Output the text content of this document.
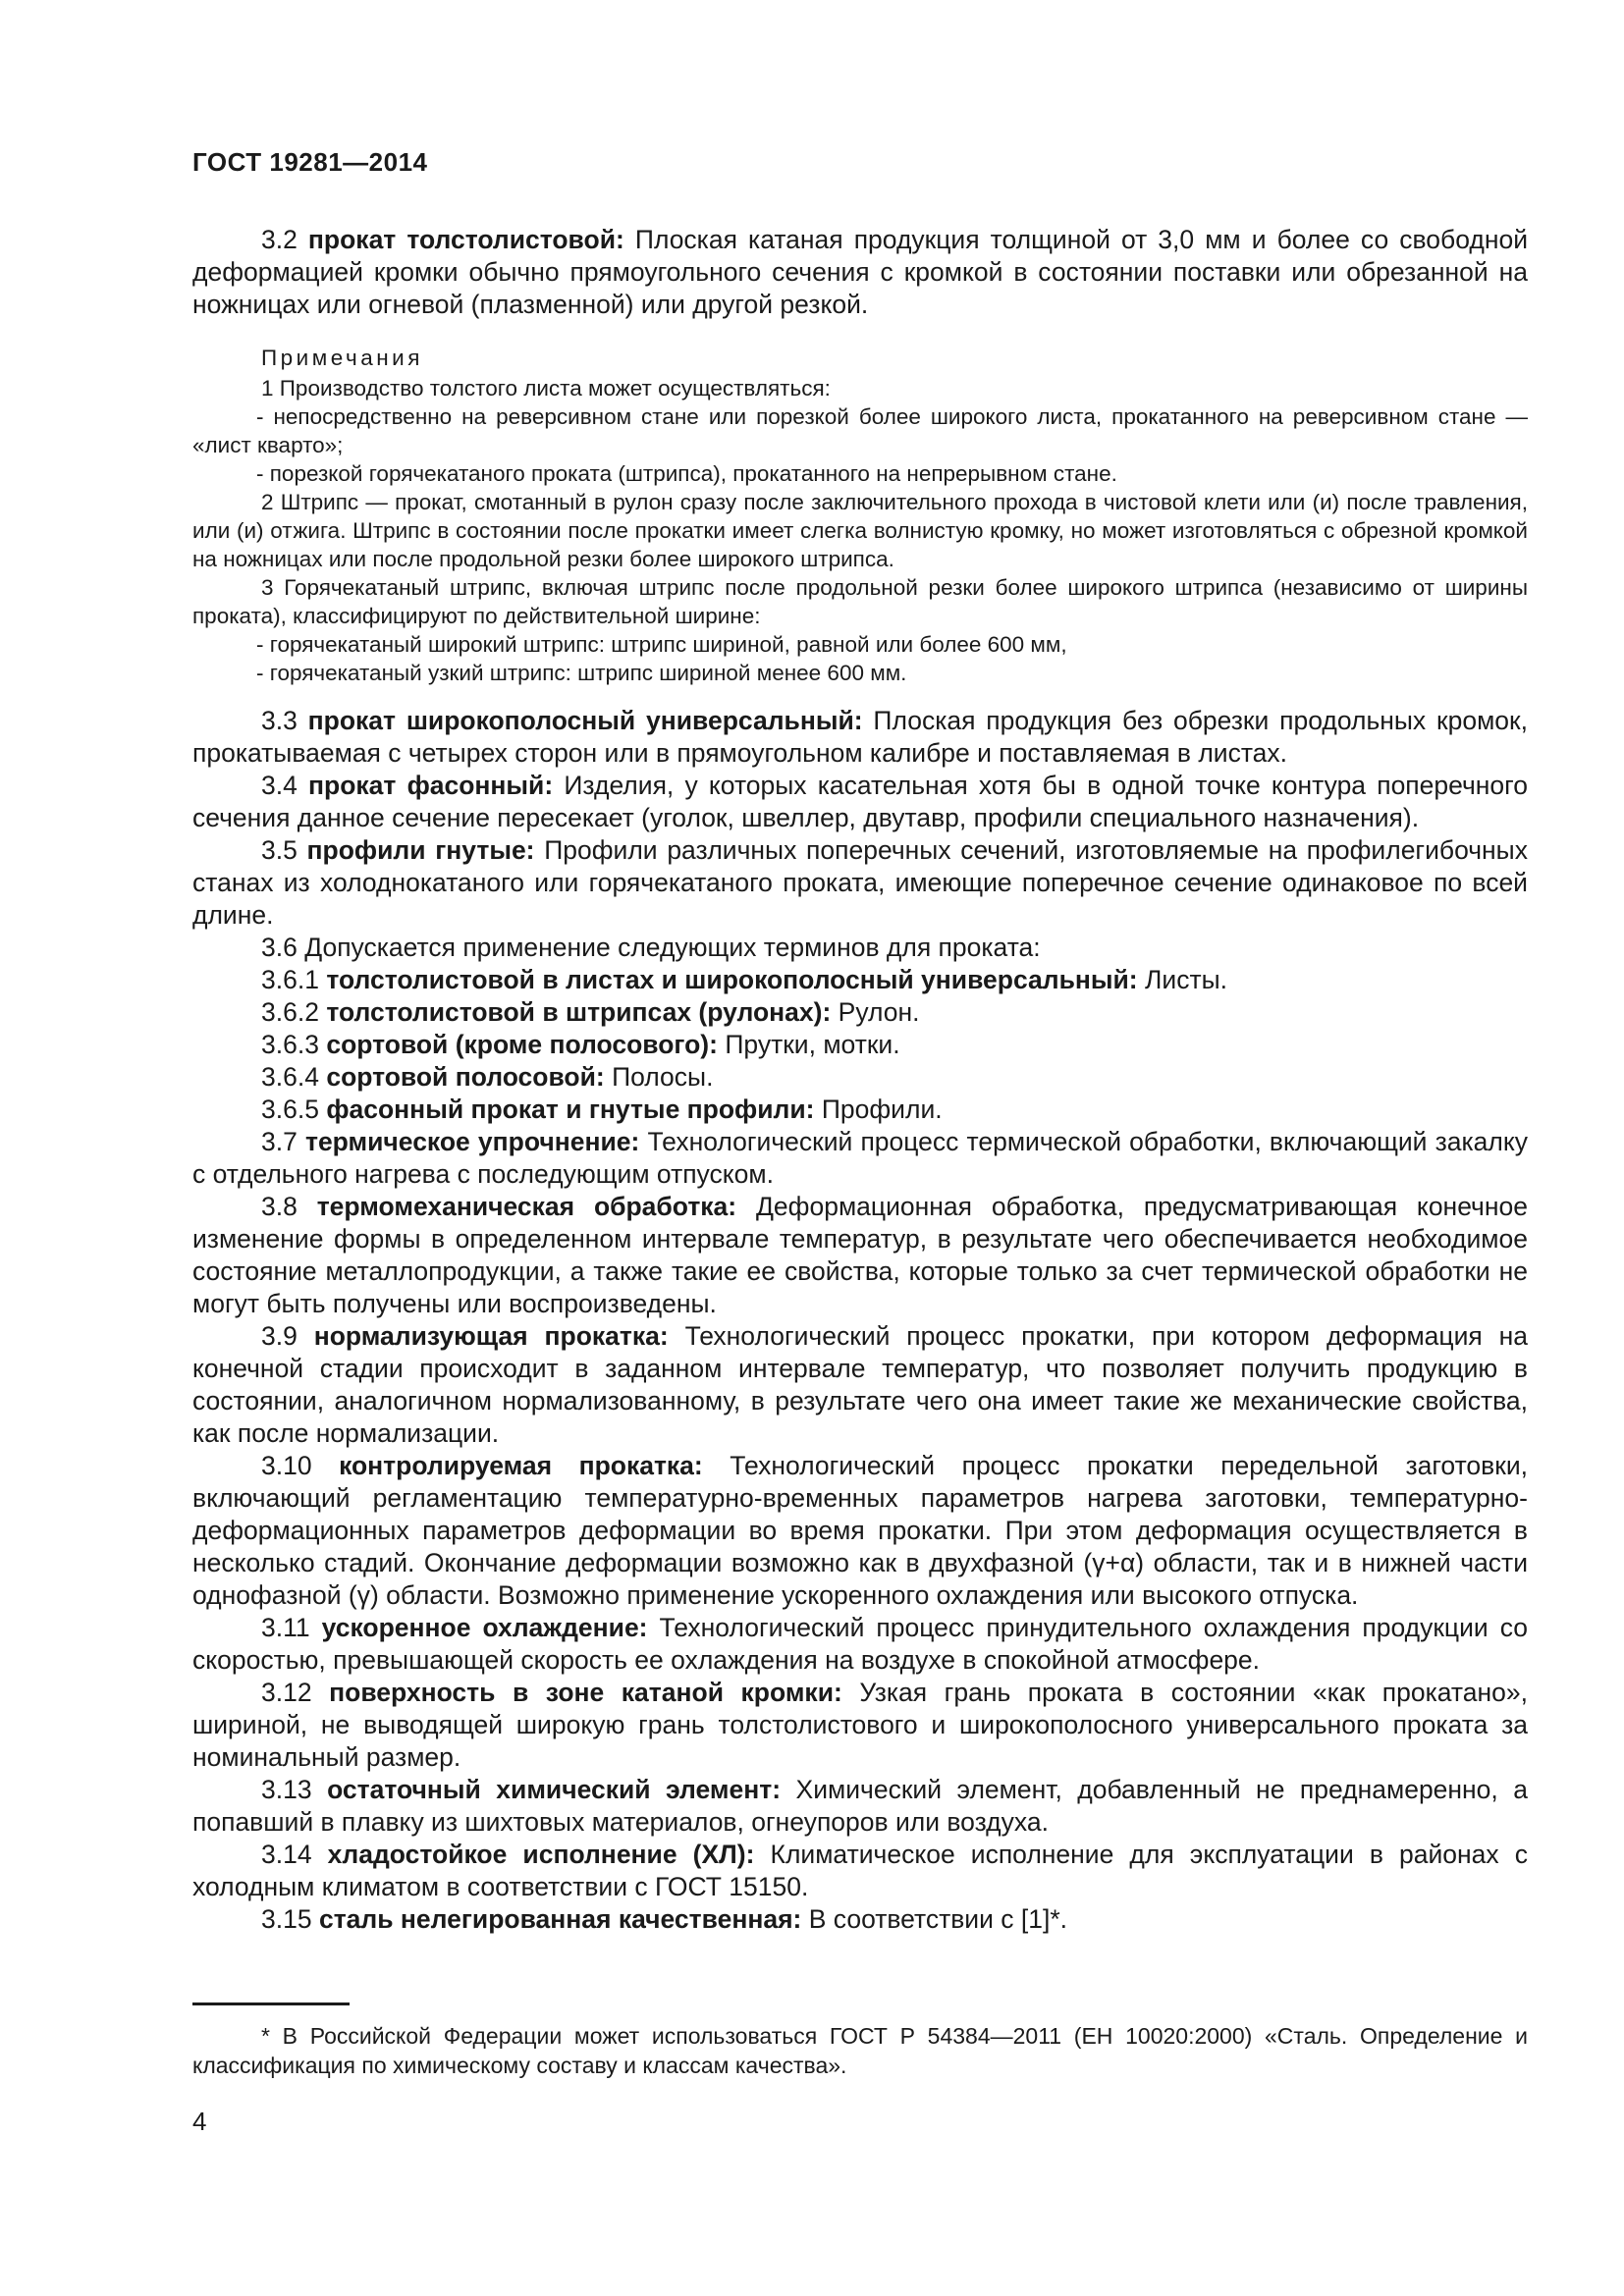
ГОСТ 19281—2014

3.2 прокат толстолистовой: Плоская катаная продукция толщиной от 3,0 мм и более со свободной деформацией кромки обычно прямоугольного сечения с кромкой в состоянии поставки или обрезанной на ножницах или огневой (плазменной) или другой резкой.

Примечания

1 Производство толстого листа может осуществляться:

- непосредственно на реверсивном стане или порезкой более широкого листа, прокатанного на реверсивном стане — «лист кварто»;

- порезкой горячекатаного проката (штрипса), прокатанного на непрерывном стане.

2 Штрипс — прокат, смотанный в рулон сразу после заключительного прохода в чистовой клети или (и) после травления, или (и) отжига. Штрипс в состоянии после прокатки имеет слегка волнистую кромку, но может изготовляться с обрезной кромкой на ножницах или после продольной резки более широкого штрипса.

3 Горячекатаный штрипс, включая штрипс после продольной резки более широкого штрипса (независимо от ширины проката), классифицируют по действительной ширине:

- горячекатаный широкий штрипс: штрипс шириной, равной или более 600 мм,

- горячекатаный узкий штрипс: штрипс шириной менее 600 мм.

3.3 прокат широкополосный универсальный: Плоская продукция без обрезки продольных кромок, прокатываемая с четырех сторон или в прямоугольном калибре и поставляемая в листах.

3.4 прокат фасонный: Изделия, у которых касательная хотя бы в одной точке контура поперечного сечения данное сечение пересекает (уголок, швеллер, двутавр, профили специального назначения).

3.5 профили гнутые: Профили различных поперечных сечений, изготовляемые на профилегибочных станах из холоднокатаного или горячекатаного проката, имеющие поперечное сечение одинаковое по всей длине.

3.6 Допускается применение следующих терминов для проката:

3.6.1 толстолистовой в листах и широкополосный универсальный: Листы.

3.6.2 толстолистовой в штрипсах (рулонах): Рулон.

3.6.3 сортовой (кроме полосового): Прутки, мотки.

3.6.4 сортовой полосовой: Полосы.

3.6.5 фасонный прокат и гнутые профили: Профили.

3.7 термическое упрочнение: Технологический процесс термической обработки, включающий закалку с отдельного нагрева с последующим отпуском.

3.8 термомеханическая обработка: Деформационная обработка, предусматривающая конечное изменение формы в определенном интервале температур, в результате чего обеспечивается необходимое состояние металлопродукции, а также такие ее свойства, которые только за счет термической обработки не могут быть получены или воспроизведены.

3.9 нормализующая прокатка: Технологический процесс прокатки, при котором деформация на конечной стадии происходит в заданном интервале температур, что позволяет получить продукцию в состоянии, аналогичном нормализованному, в результате чего она имеет такие же механические свойства, как после нормализации.

3.10 контролируемая прокатка: Технологический процесс прокатки передельной заготовки, включающий регламентацию температурно-временных параметров нагрева заготовки, температурно-деформационных параметров деформации во время прокатки. При этом деформация осуществляется в несколько стадий. Окончание деформации возможно как в двухфазной (γ+α) области, так и в нижней части однофазной (γ) области. Возможно применение ускоренного охлаждения или высокого отпуска.

3.11 ускоренное охлаждение: Технологический процесс принудительного охлаждения продукции со скоростью, превышающей скорость ее охлаждения на воздухе в спокойной атмосфере.

3.12 поверхность в зоне катаной кромки: Узкая грань проката в состоянии «как прокатано», шириной, не выводящей широкую грань толстолистового и широкополосного универсального проката за номинальный размер.

3.13 остаточный химический элемент: Химический элемент, добавленный не преднамеренно, а попавший в плавку из шихтовых материалов, огнеупоров или воздуха.

3.14 хладостойкое исполнение (ХЛ): Климатическое исполнение для эксплуатации в районах с холодным климатом в соответствии с ГОСТ 15150.

3.15 сталь нелегированная качественная: В соответствии с [1]*.

* В Российской Федерации может использоваться ГОСТ Р 54384—2011 (ЕН 10020:2000) «Сталь. Определение и классификация по химическому составу и классам качества».
4
